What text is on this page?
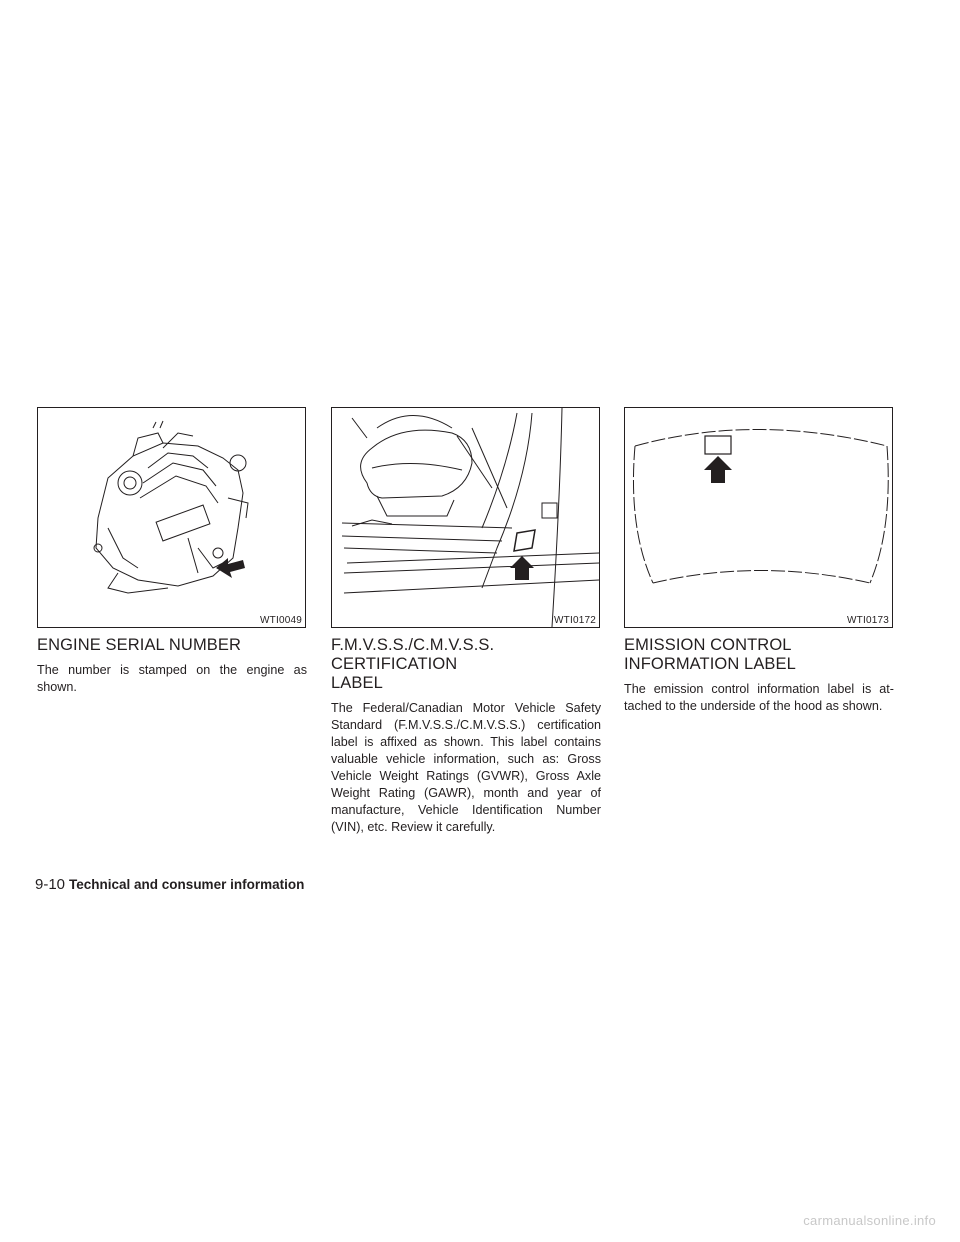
WTI0049	WTI0172	WTI0173
ENGINE SERIAL NUMBER

The number is stamped on the engine as shown.

F.M.V.S.S./C.M.V.S.S. CERTIFICATION LABEL

The Federal/Canadian Motor Vehicle Safety Standard (F.M.V.S.S./C.M.V.S.S.) certification label is affixed as shown. This label contains valuable vehicle information, such as: Gross Vehicle Weight Ratings (GVWR), Gross Axle Weight Rating (GAWR), month and year of manufacture, Vehicle Identification Number (VIN), etc. Review it carefully.

EMISSION CONTROL INFORMATION LABEL

The emission control information label is attached to the underside of the hood as shown.

9-10 Technical and consumer information
carmanualsonline.info
